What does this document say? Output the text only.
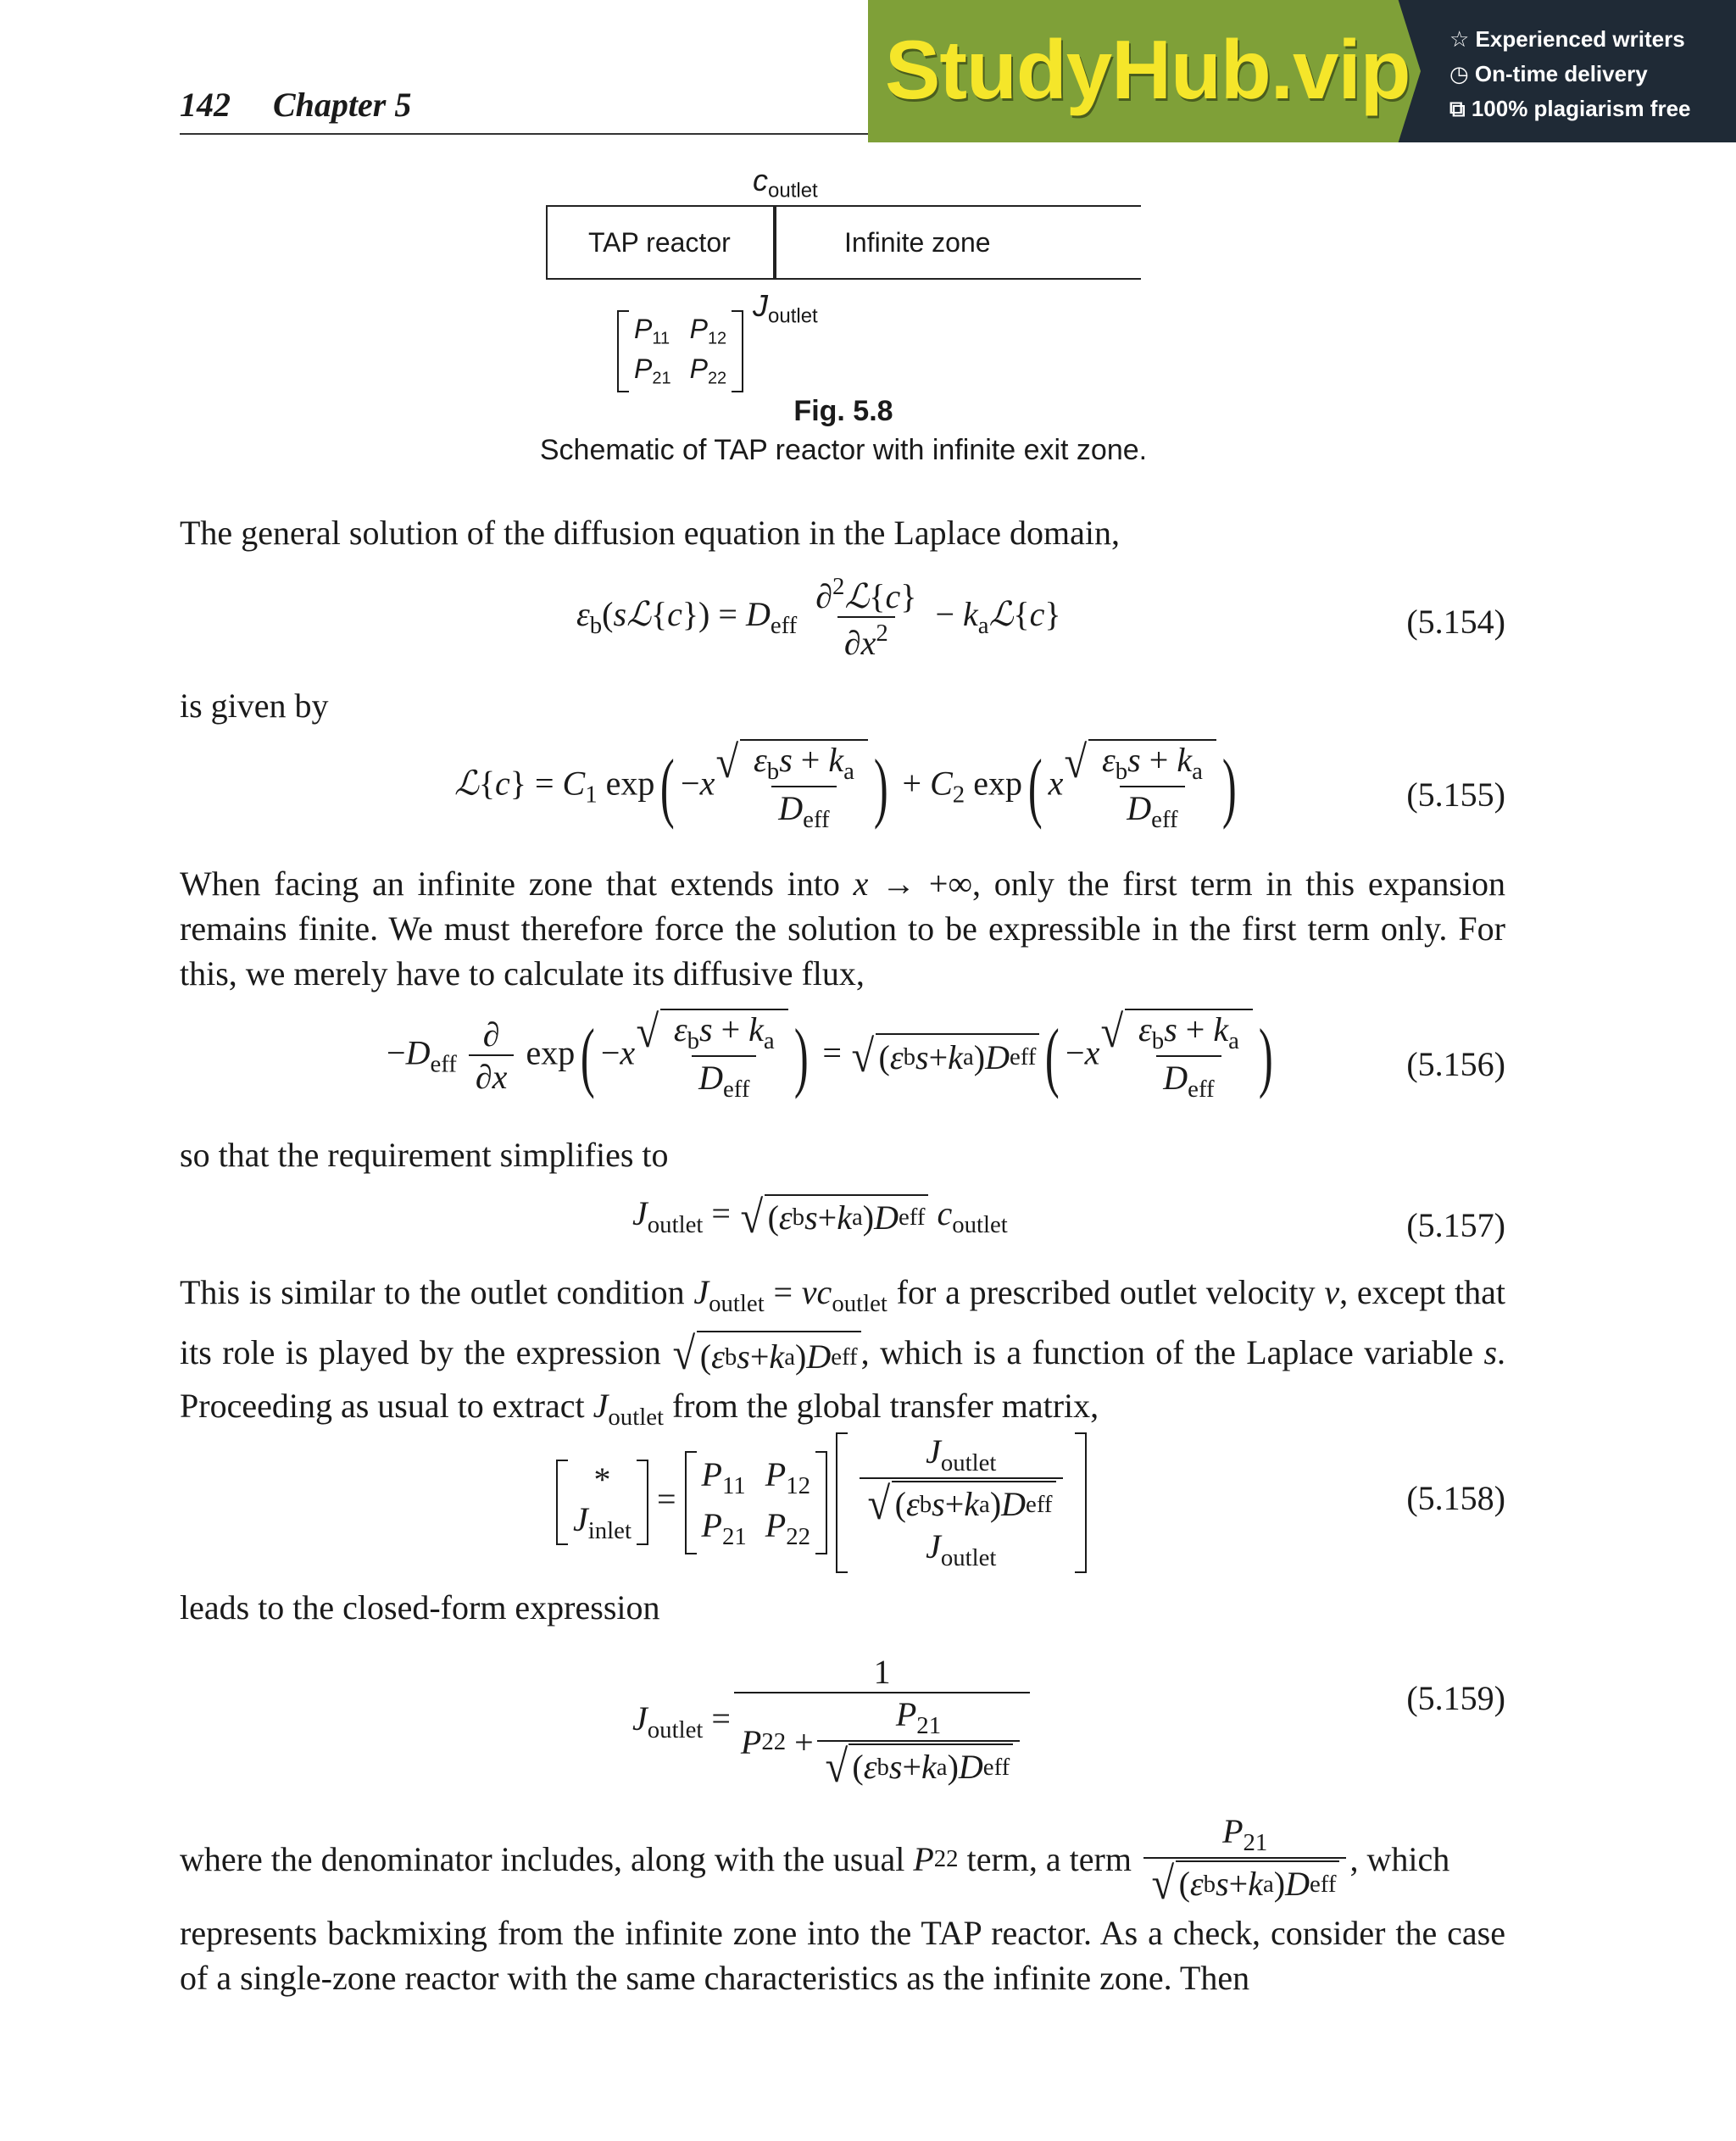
142 Chapter 5	StudyHub.vip ☆ Experienced writers
◷ On-time delivery
⧉ 100% plagiarism free
$c_{outlet}$
TAP reactor	Infinite zone
$J_{outlet}$
$P_{11}$ $P_{12}$
$P_{21}$ $P_{22}$
Fig. 5.8
Schematic of TAP reactor with infinite exit zone.
The general solution of the diffusion equation in the Laplace domain,
$\varepsilon_b(sℒ\{c\}) = D_{eff} \frac{\partial^2ℒ\{c\}}{\partial x^2}$ − $k_aℒ\{c\}$	(5.154)
is given by
ℒ{c} = $C_1$ exp( −x √ $\frac{\varepsilon_bs + k_a}{D_{eff}}$ ) + $C_2$ exp( x √ $\frac{\varepsilon_bs + k_a}{D_{eff}}$ )	(5.155)
When facing an infinite zone that extends into x → +∞, only the first term in this expansion remains finite. We must therefore force the solution to be expressible in the first term only. For this, we merely have to calculate its diffusive flux,
$-D_{eff} \frac{\partial}{\partial x} \exp( -x$ √ $\frac{\varepsilon_bs + k_a}{D_{eff}}$ ) = √ ( ε b s + k a ) D eff ( −x √ $\frac{\varepsilon_bs + k_a}{D_{eff}}$ )	(5.156)
so that the requirement simplifies to
$J_{outlet}$ = √ ( ε b s + k a ) D eff $c_{outlet}$	(5.157)
This is similar to the outlet condition $J_{outlet} = vc_{outlet}$ for a prescribed outlet velocity v, except that its role is played by the expression √ ( ε b s + k a ) D eff , which is a function of the Laplace variable s. Proceeding as usual to extract $J_{outlet}$ from the global transfer matrix,
*
$J_{inlet}$
=
$P_{11}$ $P_{12}$
$P_{21}$ $P_{22}$

$\frac{J_{outlet}}{\text{√ ( ε b s + k a ) D eff}}$
$J_{outlet}$
(5.158)
leads to the closed-form expression
$J_{outlet} = \frac{1}{P 22 + \frac{P_{21}}{\text{√ ( ε b s + k a ) D eff}}}$	(5.159)
where the denominator includes, along with the usual
P 22
term, a term
$\frac{P_{21}}{\text{√ ( ε b s + k a ) D eff}}$ , which
represents backmixing from the infinite zone into the TAP reactor. As a check, consider the case of a single-zone reactor with the same characteristics as the infinite zone. Then
